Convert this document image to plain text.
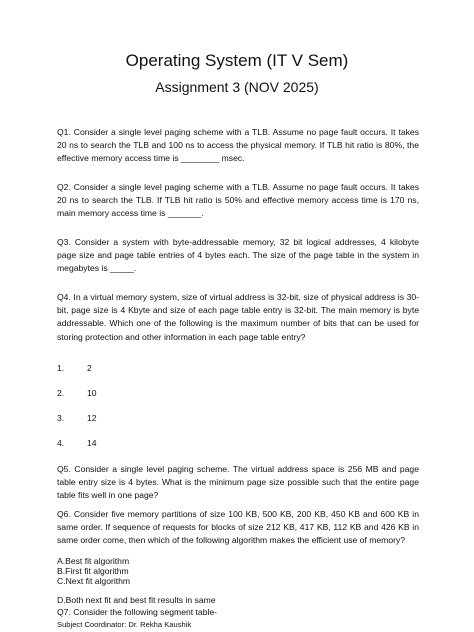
Operating System (IT V Sem)
Assignment 3 (NOV 2025)

Q1. Consider a single level paging scheme with a TLB. Assume no page fault occurs. It takes 20 ns to search the TLB and 100 ns to access the physical memory. If TLB hit ratio is 80%, the effective memory access time is ________ msec.

Q2. Consider a single level paging scheme with a TLB. Assume no page fault occurs. It takes 20 ns to search the TLB. If TLB hit ratio is 50% and effective memory access time is 170 ns, main memory access time is _______.

Q3. Consider a system with byte-addressable memory, 32 bit logical addresses, 4 kilobyte page size and page table entries of 4 bytes each. The size of the page table in the system in megabytes is _____.

Q4. In a virtual memory system, size of virtual address is 32-bit, size of physical address is 30-bit, page size is 4 Kbyte and size of each page table entry is 32-bit. The main memory is byte addressable. Which one of the following is the maximum number of bits that can be used for storing protection and other information in each page table entry?

1.	2
2.	10
3.	12
4.	14

Q5. Consider a single level paging scheme. The virtual address space is 256 MB and page table entry size is 4 bytes. What is the minimum page size possible such that the entire page table fits well in one page?

Q6. Consider five memory partitions of size 100 KB, 500 KB, 200 KB, 450 KB and 600 KB in same order. If sequence of requests for blocks of size 212 KB, 417 KB, 112 KB and 426 KB in same order come, then which of the following algorithm makes the efficient use of memory?

A.Best fit algorithm
B.First fit algorithm
C.Next fit algorithm
D.Both next fit and best fit results in same
Q7. Consider the following segment table-
Subject Coordinator: Dr. Rekha Kaushik
